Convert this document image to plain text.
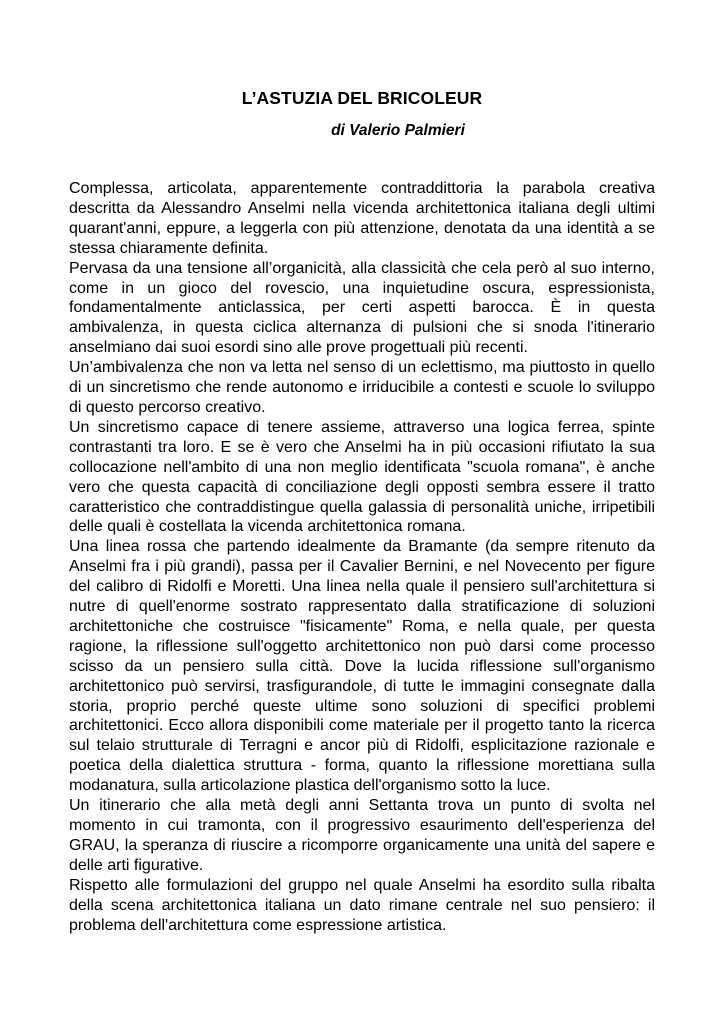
L’ASTUZIA DEL BRICOLEUR
di Valerio Palmieri

Complessa, articolata, apparentemente contraddittoria la parabola creativa descritta da Alessandro Anselmi nella vicenda architettonica italiana degli ultimi quarant'anni, eppure, a leggerla con più attenzione, denotata da una identità a se stessa chiaramente definita.

Pervasa da una tensione all’organicità, alla classicità che cela però al suo interno, come in un gioco del rovescio, una inquietudine oscura, espressionista, fondamentalmente anticlassica, per certi aspetti barocca. È in questa ambivalenza, in questa ciclica alternanza di pulsioni che si snoda l'itinerario anselmiano dai suoi esordi sino alle prove progettuali più recenti.

Un’ambivalenza che non va letta nel senso di un eclettismo, ma piuttosto in quello di un sincretismo che rende autonomo e irriducibile a contesti e scuole lo sviluppo di questo percorso creativo.

Un sincretismo capace di tenere assieme, attraverso una logica ferrea, spinte contrastanti tra loro. E se è vero che Anselmi ha in più occasioni rifiutato la sua collocazione nell'ambito di una non meglio identificata "scuola romana", è anche vero che questa capacità di conciliazione degli opposti sembra essere il tratto caratteristico che contraddistingue quella galassia di personalità uniche, irripetibili delle quali è costellata la vicenda architettonica romana.

Una linea rossa che partendo idealmente da Bramante (da sempre ritenuto da Anselmi fra i più grandi), passa per il Cavalier Bernini, e nel Novecento per figure del calibro di Ridolfi e Moretti. Una linea nella quale il pensiero sull'architettura si nutre di quell'enorme sostrato rappresentato dalla stratificazione di soluzioni architettoniche che costruisce "fisicamente" Roma, e nella quale, per questa ragione, la riflessione sull'oggetto architettonico non può darsi come processo scisso da un pensiero sulla città. Dove la lucida riflessione sull'organismo architettonico può servirsi, trasfigurandole, di tutte le immagini consegnate dalla storia, proprio perché queste ultime sono soluzioni di specifici problemi architettonici. Ecco allora disponibili come materiale per il progetto tanto la ricerca sul telaio strutturale di Terragni e ancor più di Ridolfi, esplicitazione razionale e poetica della dialettica struttura - forma, quanto la riflessione morettiana sulla modanatura, sulla articolazione plastica dell'organismo sotto la luce.

Un itinerario che alla metà degli anni Settanta trova un punto di svolta nel momento in cui tramonta, con il progressivo esaurimento dell'esperienza del GRAU, la speranza di riuscire a ricomporre organicamente una unità del sapere e delle arti figurative.

Rispetto alle formulazioni del gruppo nel quale Anselmi ha esordito sulla ribalta della scena architettonica italiana un dato rimane centrale nel suo pensiero: il problema dell'architettura come espressione artistica.
